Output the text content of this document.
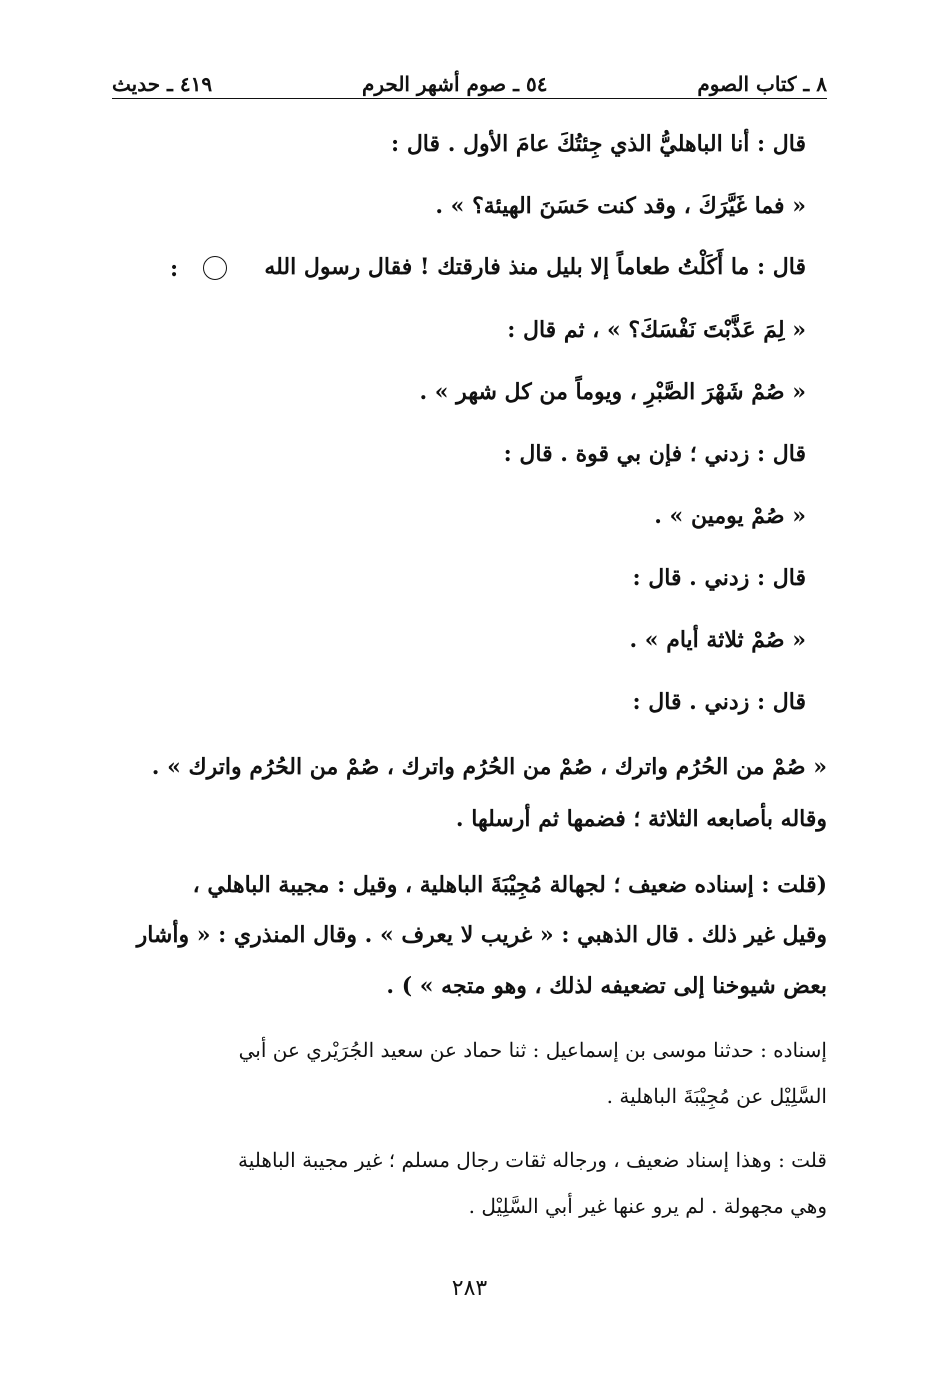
٨ ـ كتاب الصوم
٥٤ ـ صوم أشهر الحرم
٤١٩ ـ حديث
قال : أنا الباهليُّ الذي جِئتُكَ عامَ الأول . قال :
« فما غَيَّرَكَ ، وقد كنت حَسَنَ الهيئة؟ » .
قال : ما أَكَلْتُ طعاماً إلا بليل منذ فارقتك ! فقال رسول الله
:
« لِمَ عَذَّبْتَ نَفْسَكَ؟ » ، ثم قال :
« صُمْ شَهْرَ الصَّبْرِ ، ويوماً من كل شهر » .
قال : زدني ؛ فإن بي قوة . قال :
« صُمْ يومين » .
قال : زدني . قال :
« صُمْ ثلاثة أيام » .
قال : زدني . قال :
« صُمْ من الحُرُم واترك ، صُمْ من الحُرُم واترك ، صُمْ من الحُرُم واترك » .
وقاله بأصابعه الثلاثة ؛ فضمها ثم أرسلها .
(قلت : إسناده ضعيف ؛ لجهالة مُجِيْبَةَ الباهلية ، وقيل : مجيبة الباهلي ،
وقيل غير ذلك . قال الذهبي : « غريب لا يعرف » . وقال المنذري : « وأشار
بعض شيوخنا إلى تضعيفه لذلك ، وهو متجه » ) .
إسناده : حدثنا موسى بن إسماعيل : ثنا حماد عن سعيد الجُرَيْري عن أبي
السَّلِيْل عن مُجِيْبَةَ الباهلية .
قلت : وهذا إسناد ضعيف ، ورجاله ثقات رجال مسلم ؛ غير مجيبة الباهلية
وهي مجهولة . لم يرو عنها غير أبي السَّلِيْل .
٢٨٣
